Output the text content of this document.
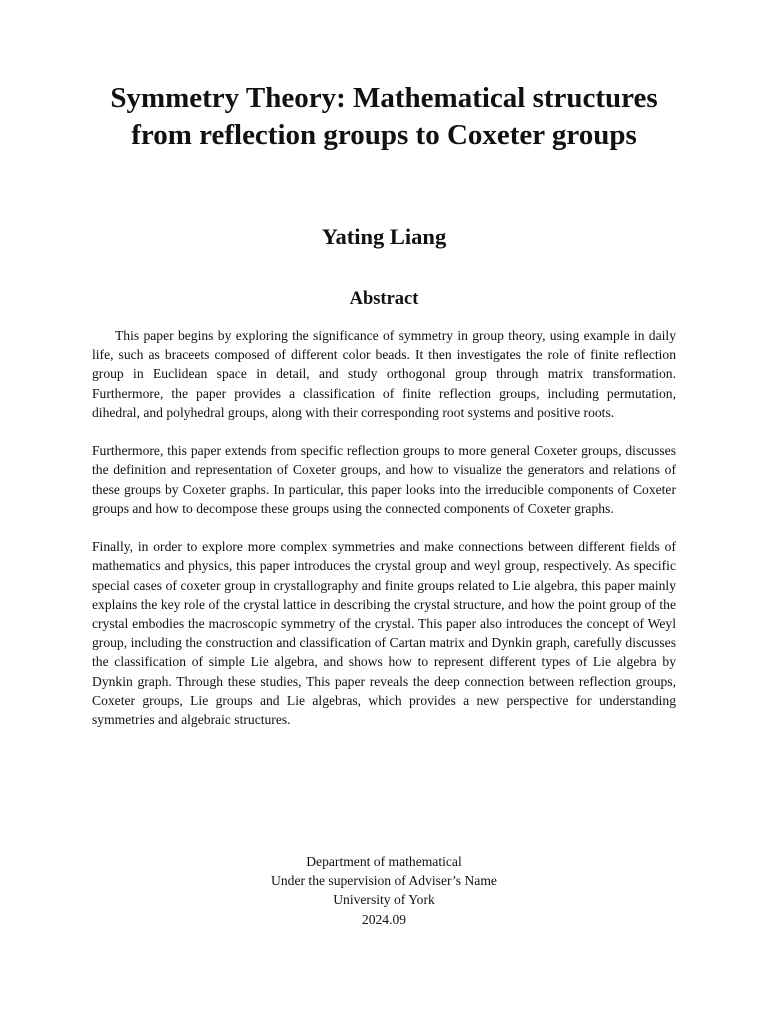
Symmetry Theory: Mathematical structures from reflection groups to Coxeter groups
Yating Liang
Abstract

This paper begins by exploring the significance of symmetry in group theory, using example in daily life, such as braceets composed of different color beads. It then investigates the role of finite reflection group in Euclidean space in detail, and study orthogonal group through matrix transformation. Furthermore, the paper provides a classification of finite reflection groups, including permutation, dihedral, and polyhedral groups, along with their corresponding root systems and positive roots.

Furthermore, this paper extends from specific reflection groups to more general Coxeter groups, discusses the definition and representation of Coxeter groups, and how to visualize the generators and relations of these groups by Coxeter graphs. In particular, this paper looks into the irreducible components of Coxeter groups and how to decompose these groups using the connected components of Coxeter graphs.

Finally, in order to explore more complex symmetries and make connections between different fields of mathematics and physics, this paper introduces the crystal group and weyl group, respectively. As specific special cases of coxeter group in crystallography and finite groups related to Lie algebra, this paper mainly explains the key role of the crystal lattice in describing the crystal structure, and how the point group of the crystal embodies the macroscopic symmetry of the crystal. This paper also introduces the concept of Weyl group, including the construction and classification of Cartan matrix and Dynkin graph, carefully discusses the classification of simple Lie algebra, and shows how to represent different types of Lie algebra by Dynkin graph. Through these studies, This paper reveals the deep connection between reflection groups, Coxeter groups, Lie groups and Lie algebras, which provides a new perspective for understanding symmetries and algebraic structures.

Department of mathematical
Under the supervision of Adviser’s Name
University of York
2024.09
